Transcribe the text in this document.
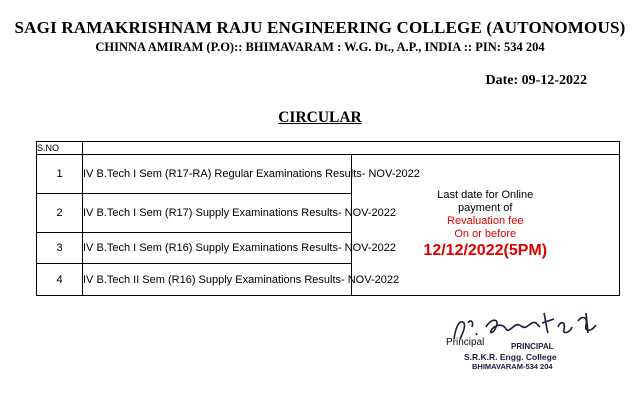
SAGI RAMAKRISHNAM RAJU ENGINEERING COLLEGE (AUTONOMOUS)
CHINNA AMIRAM (P.O):: BHIMAVARAM : W.G. Dt., A.P., INDIA :: PIN: 534 204
Date: 09-12-2022
CIRCULAR
S.NO		
1	IV B.Tech I Sem (R17-RA) Regular Examinations Results- NOV-2022	Last date for Online
payment of
Revaluation fee
On or before
12/12/2022(5PM)

2	IV B.Tech I Sem (R17) Supply Examinations Results- NOV-2022	
3	IV B.Tech I Sem (R16) Supply Examinations Results- NOV-2022	
4	IV B.Tech II Sem (R16) Supply Examinations Results- NOV-2022	
Principal	PRINCIPAL
S.R.K.R. Engg. College
BHIMAVARAM-534 204
